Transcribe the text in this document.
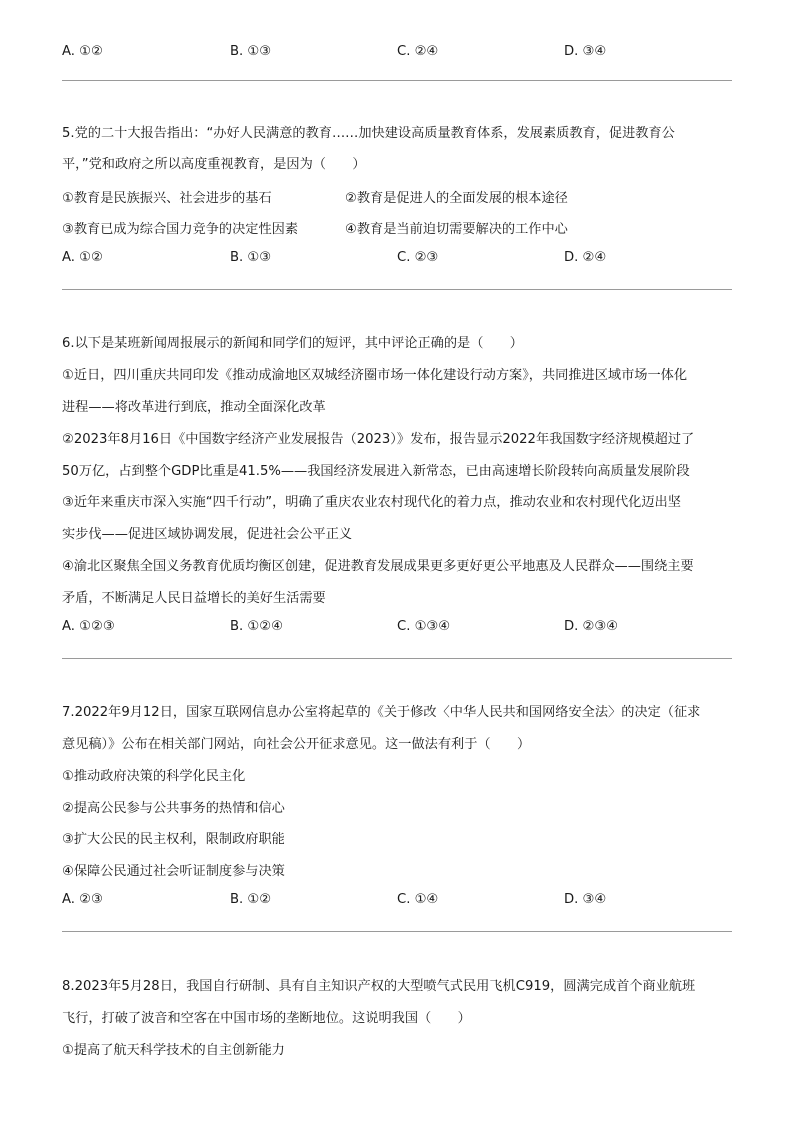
A. ①②	B. ①③	C. ②④	D. ③④
5.党的二十大报告指出：“办好人民满意的教育……加快建设高质量教育体系，发展素质教育，促进教育公
平，”党和政府之所以高度重视教育，是因为（　　）
①教育是民族振兴、社会进步的基石	②教育是促进人的全面发展的根本途径
③教育已成为综合国力竞争的决定性因素	④教育是当前迫切需要解决的工作中心
A. ①②	B. ①③	C. ②③	D. ②④
6.以下是某班新闻周报展示的新闻和同学们的短评，其中评论正确的是（　　）
①近日，四川重庆共同印发《推动成渝地区双城经济圈市场一体化建设行动方案》，共同推进区域市场一体化
进程——将改革进行到底，推动全面深化改革
②2023年8月16日《中国数字经济产业发展报告（2023）》发布，报告显示2022年我国数字经济规模超过了
50万亿，占到整个GDP比重是41.5%——我国经济发展进入新常态，已由高速增长阶段转向高质量发展阶段
③近年来重庆市深入实施“四千行动”，明确了重庆农业农村现代化的着力点，推动农业和农村现代化迈出坚
实步伐——促进区域协调发展，促进社会公平正义
④渝北区聚焦全国义务教育优质均衡区创建，促进教育发展成果更多更好更公平地惠及人民群众——围绕主要
矛盾，不断满足人民日益增长的美好生活需要
A. ①②③	B. ①②④	C. ①③④	D. ②③④
7.2022年9月12日，国家互联网信息办公室将起草的《关于修改〈中华人民共和国网络安全法〉的决定（征求
意见稿）》公布在相关部门网站，向社会公开征求意见。这一做法有利于（　　）
①推动政府决策的科学化民主化
②提高公民参与公共事务的热情和信心
③扩大公民的民主权利，限制政府职能
④保障公民通过社会听证制度参与决策
A. ②③	B. ①②	C. ①④	D. ③④
8.2023年5月28日，我国自行研制、具有自主知识产权的大型喷气式民用飞机C919，圆满完成首个商业航班
飞行，打破了波音和空客在中国市场的垄断地位。这说明我国（　　）
①提高了航天科学技术的自主创新能力
